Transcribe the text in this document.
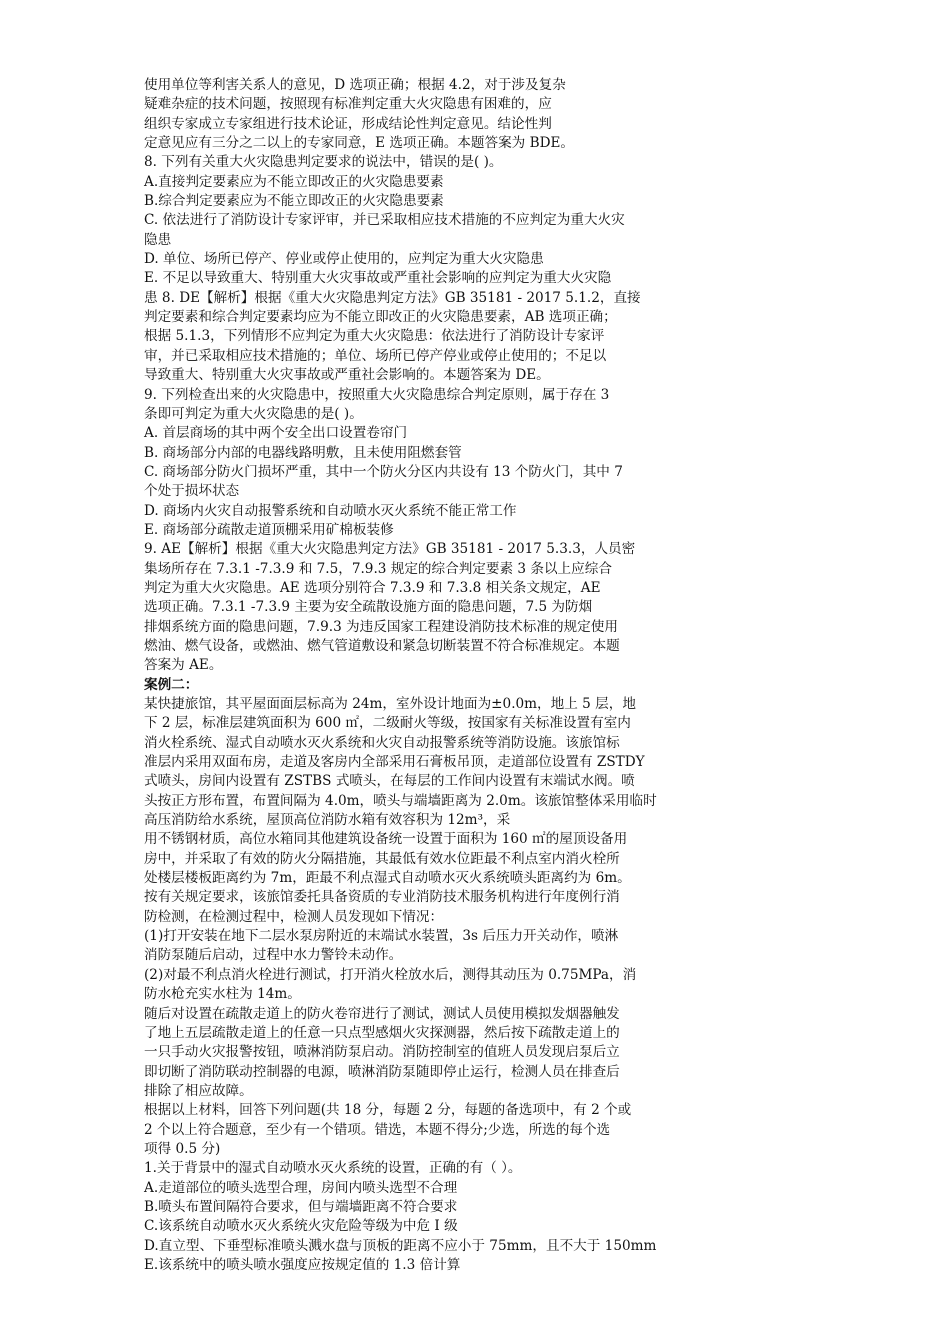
使用单位等利害关系人的意见，D 选项正确；根据 4.2，对于涉及复杂
疑难杂症的技术问题，按照现有标准判定重大火灾隐患有困难的，应
组织专家成立专家组进行技术论证，形成结论性判定意见。结论性判
定意见应有三分之二以上的专家同意，E 选项正确。本题答案为 BDE。
8. 下列有关重大火灾隐患判定要求的说法中，错误的是( )。
A.直接判定要素应为不能立即改正的火灾隐患要素
B.综合判定要素应为不能立即改正的火灾隐患要素
C. 依法进行了消防设计专家评审，并已采取相应技术措施的不应判定为重大火灾
隐患
D. 单位、场所已停产、停业或停止使用的，应判定为重大火灾隐患
E. 不足以导致重大、特别重大火灾事故或严重社会影响的应判定为重大火灾隐
患 8. DE【解析】根据《重大火灾隐患判定方法》GB 35181 - 2017 5.1.2，直接
判定要素和综合判定要素均应为不能立即改正的火灾隐患要素，AB 选项正确；
根据 5.1.3，下列情形不应判定为重大火灾隐患：依法进行了消防设计专家评
审，并已采取相应技术措施的；单位、场所已停产停业或停止使用的；不足以
导致重大、特别重大火灾事故或严重社会影响的。本题答案为 DE。
9. 下列检查出来的火灾隐患中，按照重大火灾隐患综合判定原则，属于存在 3
条即可判定为重大火灾隐患的是( )。
A. 首层商场的其中两个安全出口设置卷帘门
B. 商场部分内部的电器线路明敷，且未使用阻燃套管
C. 商场部分防火门损坏严重，其中一个防火分区内共设有 13 个防火门，其中 7
个处于损坏状态
D. 商场内火灾自动报警系统和自动喷水灭火系统不能正常工作
E. 商场部分疏散走道顶棚采用矿棉板装修
9. AE【解析】根据《重大火灾隐患判定方法》GB 35181 - 2017 5.3.3，人员密
集场所存在 7.3.1 -7.3.9 和 7.5，7.9.3 规定的综合判定要素 3 条以上应综合
判定为重大火灾隐患。AE 选项分别符合 7.3.9 和 7.3.8 相关条文规定，AE
选项正确。7.3.1 -7.3.9 主要为安全疏散设施方面的隐患问题，7.5 为防烟
排烟系统方面的隐患问题，7.9.3 为违反国家工程建设消防技术标准的规定使用
燃油、燃气设备，或燃油、燃气管道敷设和紧急切断装置不符合标准规定。本题
答案为 AE。
案例二：
某快捷旅馆，其平屋面面层标高为 24m，室外设计地面为±0.0m，地上 5 层，地
下 2 层，标准层建筑面积为 600 ㎡，二级耐火等级，按国家有关标准设置有室内
消火栓系统、湿式自动喷水灭火系统和火灾自动报警系统等消防设施。该旅馆标
准层内采用双面布房，走道及客房内全部采用石膏板吊顶，走道部位设置有 ZSTDY
式喷头，房间内设置有 ZSTBS 式喷头，在每层的工作间内设置有末端试水阀。喷
头按正方形布置，布置间隔为 4.0m，喷头与端墙距离为 2.0m。该旅馆整体采用临时
高压消防给水系统，屋顶高位消防水箱有效容积为 12m³，采
用不锈钢材质，高位水箱同其他建筑设备统一设置于面积为 160 ㎡的屋顶设备用
房中，并采取了有效的防火分隔措施，其最低有效水位距最不利点室内消火栓所
处楼层楼板距离约为 7m，距最不利点湿式自动喷水灭火系统喷头距离约为 6m。
按有关规定要求，该旅馆委托具备资质的专业消防技术服务机构进行年度例行消
防检测，在检测过程中，检测人员发现如下情况：
(1)打开安装在地下二层水泵房附近的末端试水装置，3s 后压力开关动作，喷淋
消防泵随后启动，过程中水力警铃未动作。
(2)对最不利点消火栓进行测试，打开消火栓放水后，测得其动压为 0.75MPa，消
防水枪充实水柱为 14m。
随后对设置在疏散走道上的防火卷帘进行了测试，测试人员使用模拟发烟器触发
了地上五层疏散走道上的任意一只点型感烟火灾探测器，然后按下疏散走道上的
一只手动火灾报警按钮，喷淋消防泵启动。消防控制室的值班人员发现启泵后立
即切断了消防联动控制器的电源，喷淋消防泵随即停止运行，检测人员在排查后
排除了相应故障。
根据以上材料，回答下列问题(共 18 分，每题 2 分，每题的备选项中，有 2 个或
2 个以上符合题意，至少有一个错项。错选，本题不得分;少选，所选的每个选
项得 0.5 分)
1.关于背景中的湿式自动喷水灭火系统的设置，正确的有（ ）。
A.走道部位的喷头选型合理，房间内喷头选型不合理
B.喷头布置间隔符合要求，但与端墙距离不符合要求
C.该系统自动喷水灭火系统火灾危险等级为中危 I 级
D.直立型、下垂型标准喷头溅水盘与顶板的距离不应小于 75mm，且不大于 150mm
E.该系统中的喷头喷水强度应按规定值的 1.3 倍计算
